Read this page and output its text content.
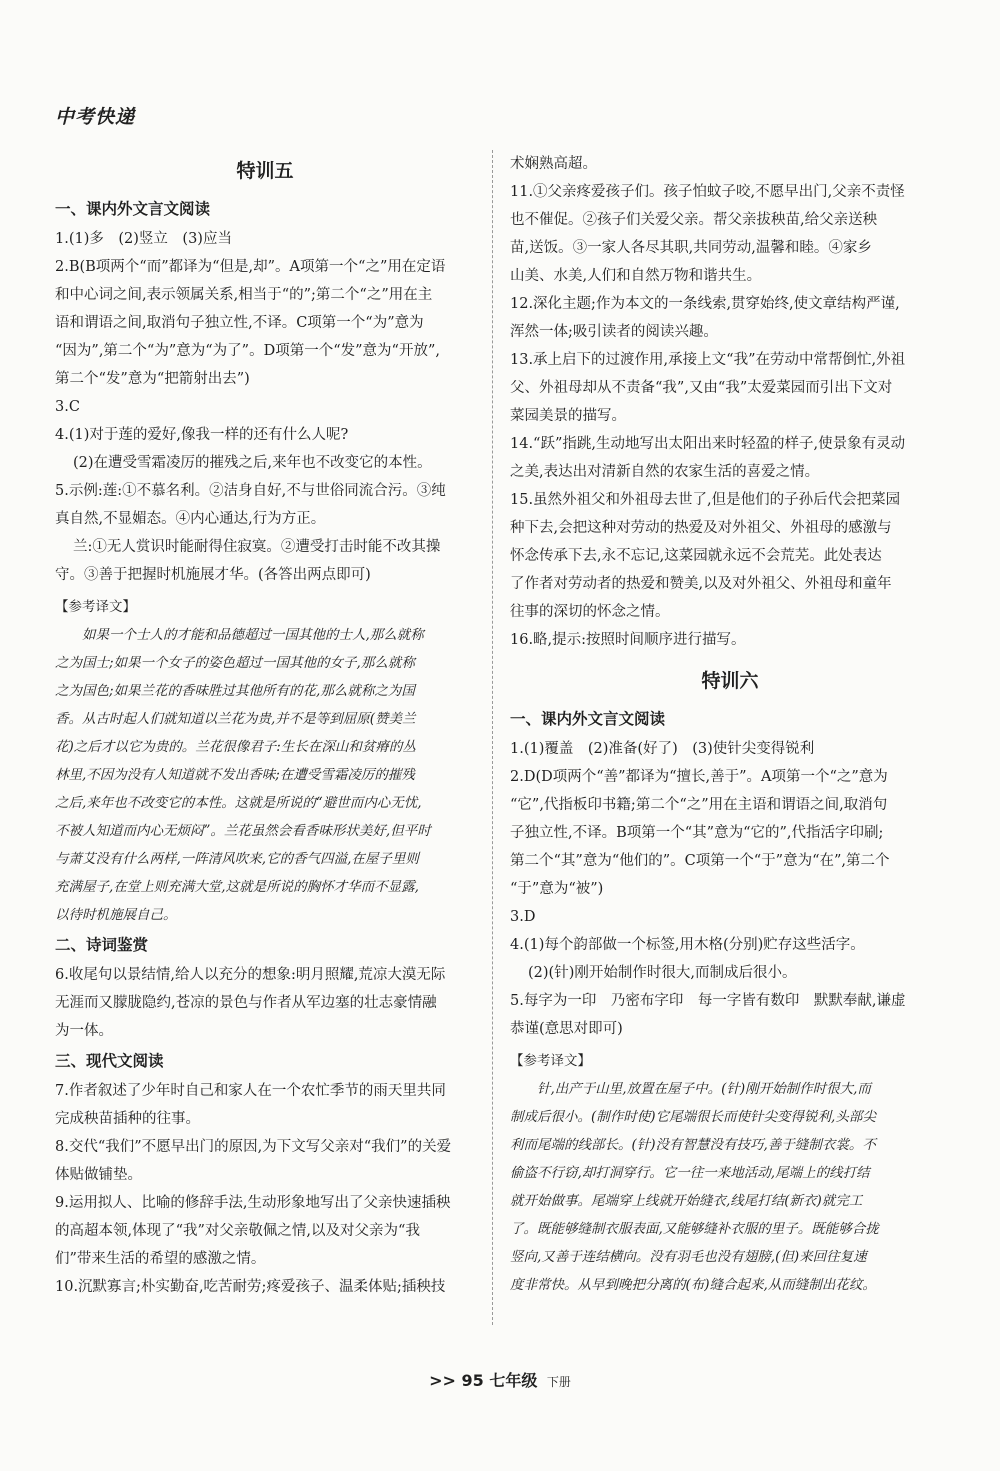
中考快递
特训五
一、课内外文言文阅读

1.(1)多　(2)竖立　(3)应当

2.B(B项两个“而”都译为“但是,却”。A项第一个“之”用在定语

和中心词之间,表示领属关系,相当于“的”;第二个“之”用在主

语和谓语之间,取消句子独立性,不译。C项第一个“为”意为

“因为”,第二个“为”意为“为了”。D项第一个“发”意为“开放”,

第二个“发”意为“把箭射出去”)

3.C

4.(1)对于莲的爱好,像我一样的还有什么人呢?

(2)在遭受雪霜凌厉的摧残之后,来年也不改变它的本性。

5.示例:莲:①不慕名利。②洁身自好,不与世俗同流合污。③纯

真自然,不显媚态。④内心通达,行为方正。

兰:①无人赏识时能耐得住寂寞。②遭受打击时能不改其操

守。③善于把握时机施展才华。(各答出两点即可)

【参考译文】

如果一个士人的才能和品德超过一国其他的士人,那么就称

之为国士;如果一个女子的姿色超过一国其他的女子,那么就称

之为国色;如果兰花的香味胜过其他所有的花,那么就称之为国

香。从古时起人们就知道以兰花为贵,并不是等到屈原(赞美兰

花)之后才以它为贵的。兰花很像君子:生长在深山和贫瘠的丛

林里,不因为没有人知道就不发出香味;在遭受雪霜凌厉的摧残

之后,来年也不改变它的本性。这就是所说的“避世而内心无忧,

不被人知道而内心无烦闷”。兰花虽然会看香味形状美好,但平时

与萧艾没有什么两样,一阵清风吹来,它的香气四溢,在屋子里则

充满屋子,在堂上则充满大堂,这就是所说的胸怀才华而不显露,

以待时机施展自己。

二、诗词鉴赏

6.收尾句以景结情,给人以充分的想象:明月照耀,荒凉大漠无际

无涯而又朦胧隐约,苍凉的景色与作者从军边塞的壮志豪情融

为一体。

三、现代文阅读

7.作者叙述了少年时自己和家人在一个农忙季节的雨天里共同

完成秧苗插种的往事。

8.交代“我们”不愿早出门的原因,为下文写父亲对“我们”的关爱

体贴做铺垫。

9.运用拟人、比喻的修辞手法,生动形象地写出了父亲快速插秧

的高超本领,体现了“我”对父亲敬佩之情,以及对父亲为“我

们”带来生活的希望的感激之情。

10.沉默寡言;朴实勤奋,吃苦耐劳;疼爱孩子、温柔体贴;插秧技

术娴熟高超。

11.①父亲疼爱孩子们。孩子怕蚊子咬,不愿早出门,父亲不责怪

也不催促。②孩子们关爱父亲。帮父亲拔秧苗,给父亲送秧

苗,送饭。③一家人各尽其职,共同劳动,温馨和睦。④家乡

山美、水美,人们和自然万物和谐共生。

12.深化主题;作为本文的一条线索,贯穿始终,使文章结构严谨,

浑然一体;吸引读者的阅读兴趣。

13.承上启下的过渡作用,承接上文“我”在劳动中常帮倒忙,外祖

父、外祖母却从不责备“我”,又由“我”太爱菜园而引出下文对

菜园美景的描写。

14.“跃”指跳,生动地写出太阳出来时轻盈的样子,使景象有灵动

之美,表达出对清新自然的农家生活的喜爱之情。

15.虽然外祖父和外祖母去世了,但是他们的子孙后代会把菜园

种下去,会把这种对劳动的热爱及对外祖父、外祖母的感激与

怀念传承下去,永不忘记,这菜园就永远不会荒芜。此处表达

了作者对劳动者的热爱和赞美,以及对外祖父、外祖母和童年

往事的深切的怀念之情。

16.略,提示:按照时间顺序进行描写。

特训六
一、课内外文言文阅读

1.(1)覆盖　(2)准备(好了)　(3)使针尖变得锐利

2.D(D项两个“善”都译为“擅长,善于”。A项第一个“之”意为

“它”,代指板印书籍;第二个“之”用在主语和谓语之间,取消句

子独立性,不译。B项第一个“其”意为“它的”,代指活字印刷;

第二个“其”意为“他们的”。C项第一个“于”意为“在”,第二个

“于”意为“被”)

3.D

4.(1)每个韵部做一个标签,用木格(分别)贮存这些活字。

(2)(针)刚开始制作时很大,而制成后很小。

5.每字为一印　乃密布字印　每一字皆有数印　默默奉献,谦虚

恭谨(意思对即可)

【参考译文】

针,出产于山里,放置在屋子中。(针)刚开始制作时很大,而

制成后很小。(制作时使)它尾端很长而使针尖变得锐利,头部尖

利而尾端的线部长。(针)没有智慧没有技巧,善于缝制衣裳。不

偷盗不行窃,却打洞穿行。它一往一来地活动,尾端上的线打结

就开始做事。尾端穿上线就开始缝衣,线尾打结(新衣)就完工

了。既能够缝制衣服表面,又能够缝补衣服的里子。既能够合拢

竖向,又善于连结横向。没有羽毛也没有翅膀,(但)来回往复速

度非常快。从早到晚把分离的(布)缝合起来,从而缝制出花纹。

>> 95 七年级 下册
